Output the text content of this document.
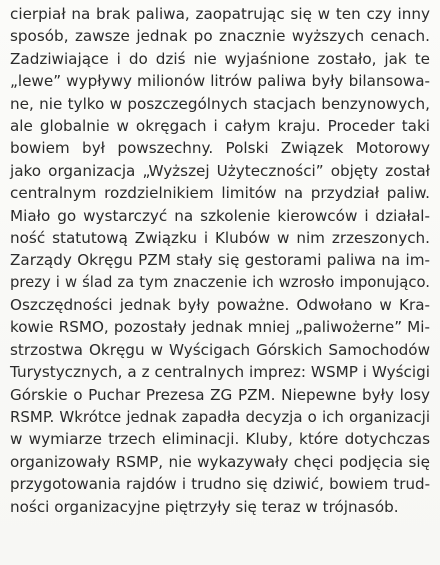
cierpiał na brak paliwa, zaopatrując się w ten czy inny
sposób, zawsze jednak po znacznie wyższych cenach.
Zadziwiające i do dziś nie wyjaśnione zostało, jak te
„lewe” wypływy milionów litrów paliwa były bilansowa-
ne, nie tylko w poszczególnych stacjach benzynowych,
ale globalnie w okręgach i całym kraju. Proceder taki
bowiem był powszechny. Polski Związek Motorowy
jako organizacja „Wyższej Użyteczności” objęty został
centralnym rozdzielnikiem limitów na przydział paliw.
Miało go wystarczyć na szkolenie kierowców i działal-
ność statutową Związku i Klubów w nim zrzeszonych.
Zarządy Okręgu PZM stały się gestorami paliwa na im-
prezy i w ślad za tym znaczenie ich wzrosło imponująco.
Oszczędności jednak były poważne. Odwołano w Kra-
kowie RSMO, pozostały jednak mniej „paliwożerne” Mi-
strzostwa Okręgu w Wyścigach Górskich Samochodów
Turystycznych, a z centralnych imprez: WSMP i Wyścigi
Górskie o Puchar Prezesa ZG PZM. Niepewne były losy
RSMP. Wkrótce jednak zapadła decyzja o ich organizacji
w wymiarze trzech eliminacji. Kluby, które dotychczas
organizowały RSMP, nie wykazywały chęci podjęcia się
przygotowania rajdów i trudno się dziwić, bowiem trud-
ności organizacyjne piętrzyły się teraz w trójnasób.
